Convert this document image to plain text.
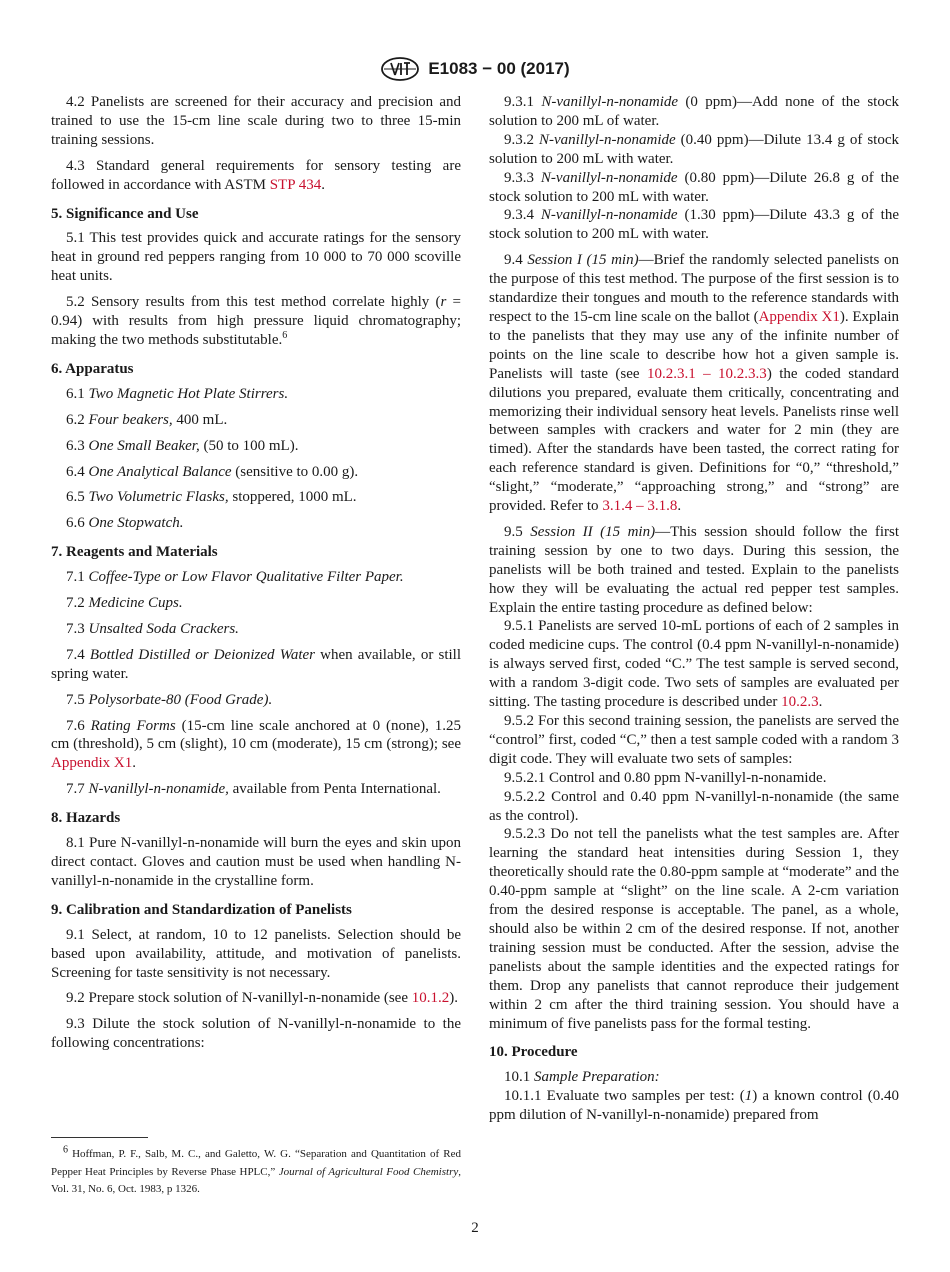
E1083 − 00 (2017)

4.2 Panelists are screened for their accuracy and precision and trained to use the 15-cm line scale during two to three 15-min training sessions.

4.3 Standard general requirements for sensory testing are followed in accordance with ASTM STP 434.

5. Significance and Use

5.1 This test provides quick and accurate ratings for the sensory heat in ground red peppers ranging from 10 000 to 70 000 scoville heat units.

5.2 Sensory results from this test method correlate highly (r = 0.94) with results from high pressure liquid chromatography; making the two methods substitutable.$^6$

6. Apparatus

6.1 Two Magnetic Hot Plate Stirrers.

6.2 Four beakers, 400 mL.

6.3 One Small Beaker, (50 to 100 mL).

6.4 One Analytical Balance (sensitive to 0.00 g).

6.5 Two Volumetric Flasks, stoppered, 1000 mL.

6.6 One Stopwatch.

7. Reagents and Materials

7.1 Coffee-Type or Low Flavor Qualitative Filter Paper.

7.2 Medicine Cups.

7.3 Unsalted Soda Crackers.

7.4 Bottled Distilled or Deionized Water when available, or still spring water.

7.5 Polysorbate-80 (Food Grade).

7.6 Rating Forms (15-cm line scale anchored at 0 (none), 1.25 cm (threshold), 5 cm (slight), 10 cm (moderate), 15 cm (strong); see Appendix X1.

7.7 N-vanillyl-n-nonamide, available from Penta International.

8. Hazards

8.1 Pure N-vanillyl-n-nonamide will burn the eyes and skin upon direct contact. Gloves and caution must be used when handling N-vanillyl-n-nonamide in the crystalline form.

9. Calibration and Standardization of Panelists

9.1 Select, at random, 10 to 12 panelists. Selection should be based upon availability, attitude, and motivation of panelists. Screening for taste sensitivity is not necessary.

9.2 Prepare stock solution of N-vanillyl-n-nonamide (see 10.1.2).

9.3 Dilute the stock solution of N-vanillyl-n-nonamide to the following concentrations:

9.3.1 N-vanillyl-n-nonamide (0 ppm)—Add none of the stock solution to 200 mL of water.

9.3.2 N-vanillyl-n-nonamide (0.40 ppm)—Dilute 13.4 g of stock solution to 200 mL with water.

9.3.3 N-vanillyl-n-nonamide (0.80 ppm)—Dilute 26.8 g of the stock solution to 200 mL with water.

9.3.4 N-vanillyl-n-nonamide (1.30 ppm)—Dilute 43.3 g of the stock solution to 200 mL with water.

9.4 Session I (15 min)—Brief the randomly selected panelists on the purpose of this test method. The purpose of the first session is to standardize their tongues and mouth to the reference standards with respect to the 15-cm line scale on the ballot (Appendix X1). Explain to the panelists that they may use any of the infinite number of points on the line scale to describe how hot a given sample is. Panelists will taste (see 10.2.3.1 – 10.2.3.3) the coded standard dilutions you prepared, evaluate them critically, concentrating and memorizing their individual sensory heat levels. Panelists rinse well between samples with crackers and water for 2 min (they are timed). After the standards have been tasted, the correct rating for each reference standard is given. Definitions for “0,” “threshold,” “slight,” “moderate,” “approaching strong,” and “strong” are provided. Refer to 3.1.4 – 3.1.8.

9.5 Session II (15 min)—This session should follow the first training session by one to two days. During this session, the panelists will be both trained and tested. Explain to the panelists how they will be evaluating the actual red pepper test samples. Explain the entire tasting procedure as defined below:

9.5.1 Panelists are served 10-mL portions of each of 2 samples in coded medicine cups. The control (0.4 ppm N-vanillyl-n-nonamide) is always served first, coded “C.” The test sample is served second, with a random 3-digit code. Two sets of samples are evaluated per sitting. The tasting procedure is described under 10.2.3.

9.5.2 For this second training session, the panelists are served the “control” first, coded “C,” then a test sample coded with a random 3 digit code. They will evaluate two sets of samples:

9.5.2.1 Control and 0.80 ppm N-vanillyl-n-nonamide.

9.5.2.2 Control and 0.40 ppm N-vanillyl-n-nonamide (the same as the control).

9.5.2.3 Do not tell the panelists what the test samples are. After learning the standard heat intensities during Session 1, they theoretically should rate the 0.80-ppm sample at “moderate” and the 0.40-ppm sample at “slight” on the line scale. A 2-cm variation from the desired response is acceptable. The panel, as a whole, should also be within 2 cm of the desired response. If not, another training session must be conducted. After the session, advise the panelists about the sample identities and the expected ratings for them. Drop any panelists that cannot reproduce their judgement within 2 cm after the third training session. You should have a minimum of five panelists pass for the formal testing.

10. Procedure

10.1 Sample Preparation:

10.1.1 Evaluate two samples per test: (1) a known control (0.40 ppm dilution of N-vanillyl-n-nonamide) prepared from

$^6$ Hoffman, P. F., Salb, M. C., and Galetto, W. G. “Separation and Quantitation of Red Pepper Heat Principles by Reverse Phase HPLC,” Journal of Agricultural Food Chemistry, Vol. 31, No. 6, Oct. 1983, p 1326.
2
